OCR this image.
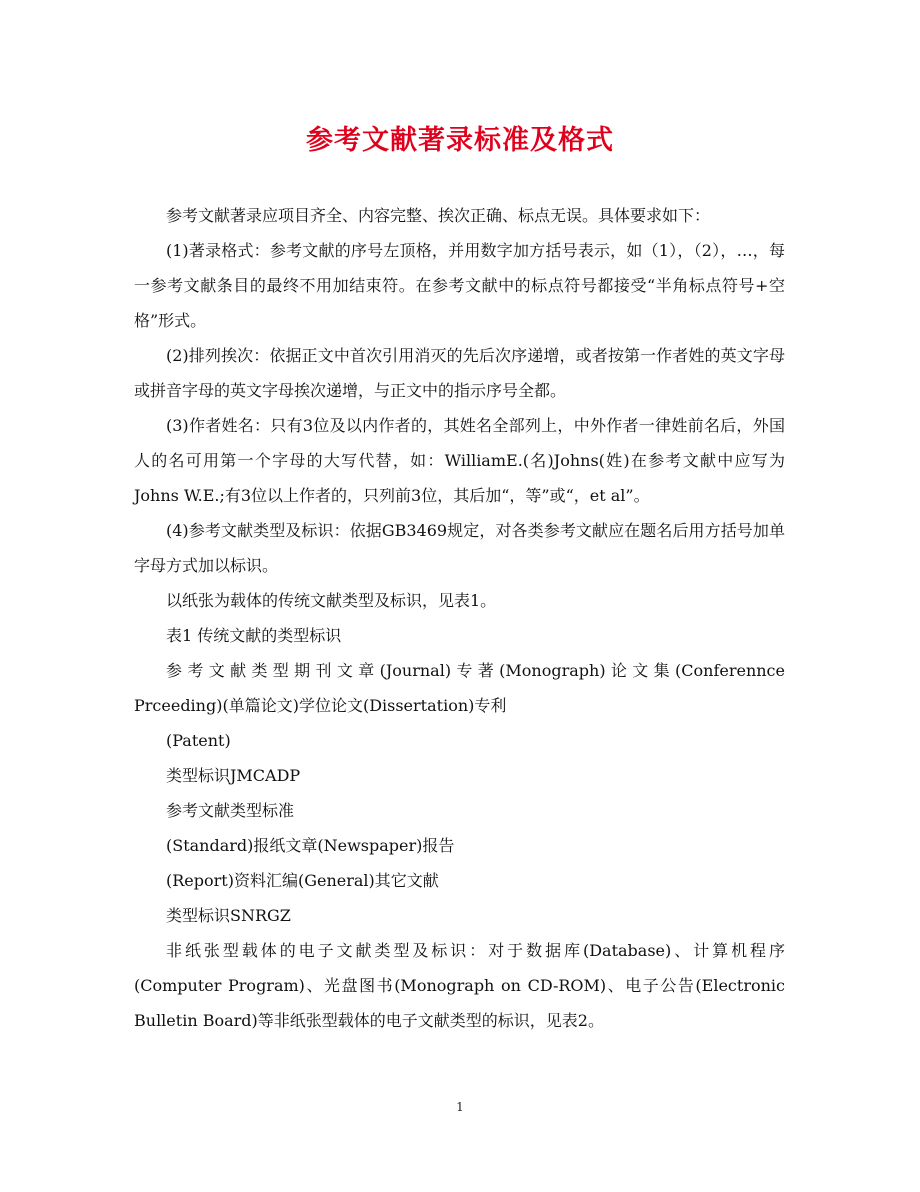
参考文献著录标准及格式

参考文献著录应项目齐全、内容完整、挨次正确、标点无误。具体要求如下：

(1)著录格式：参考文献的序号左顶格，并用数字加方括号表示，如（1），（2），…，每一参考文献条目的最终不用加结束符。在参考文献中的标点符号都接受“半角标点符号+空格”形式。

(2)排列挨次：依据正文中首次引用消灭的先后次序递增，或者按第一作者姓的英文字母或拼音字母的英文字母挨次递增，与正文中的指示序号全都。

(3)作者姓名：只有3位及以内作者的，其姓名全部列上，中外作者一律姓前名后，外国人的名可用第一个字母的大写代替，如：WilliamE.(名)Johns(姓)在参考文献中应写为Johns W.E.;有3位以上作者的，只列前3位，其后加“，等”或“，et al”。

(4)参考文献类型及标识：依据GB3469规定，对各类参考文献应在题名后用方括号加单字母方式加以标识。

以纸张为载体的传统文献类型及标识，见表1。

表1 传统文献的类型标识

参考文献类型期刊文章(Journal)专著(Monograph)论文集(Conferennce Prceeding)(单篇论文)学位论文(Dissertation)专利

(Patent)

类型标识JMCADP

参考文献类型标准

(Standard)报纸文章(Newspaper)报告

(Report)资料汇编(General)其它文献

类型标识SNRGZ

非纸张型载体的电子文献类型及标识：对于数据库(Database)、计算机程序(Computer Program)、光盘图书(Monograph on CD-ROM)、电子公告(Electronic Bulletin Board)等非纸张型载体的电子文献类型的标识，见表2。

1
